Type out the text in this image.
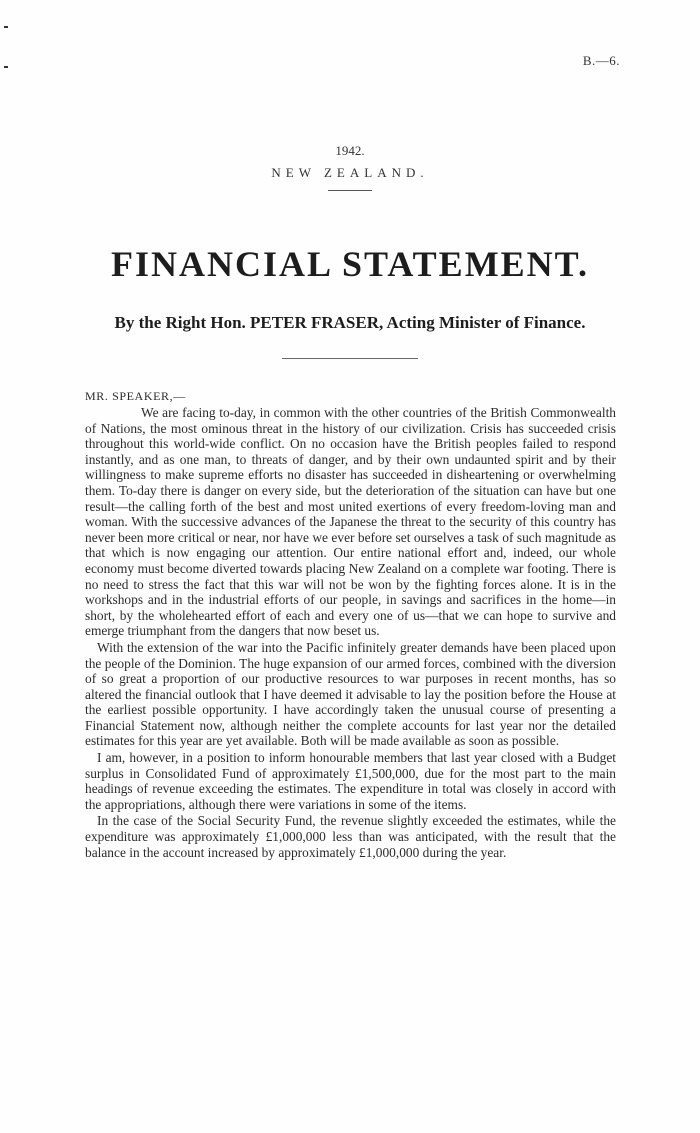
B.—6.
1942.
NEW ZEALAND.
FINANCIAL STATEMENT.
By the Right Hon. PETER FRASER, Acting Minister of Finance.
MR. SPEAKER,—

We are facing to-day, in common with the other countries of the British Commonwealth of Nations, the most ominous threat in the history of our civilization. Crisis has succeeded crisis throughout this world-wide conflict. On no occasion have the British peoples failed to respond instantly, and as one man, to threats of danger, and by their own undaunted spirit and by their willingness to make supreme efforts no disaster has succeeded in disheartening or overwhelming them. To-day there is danger on every side, but the deterioration of the situation can have but one result—the calling forth of the best and most united exertions of every freedom-loving man and woman. With the successive advances of the Japanese the threat to the security of this country has never been more critical or near, nor have we ever before set ourselves a task of such magnitude as that which is now engaging our attention. Our entire national effort and, indeed, our whole economy must become diverted towards placing New Zealand on a complete war footing. There is no need to stress the fact that this war will not be won by the fighting forces alone. It is in the workshops and in the industrial efforts of our people, in savings and sacrifices in the home—in short, by the wholehearted effort of each and every one of us—that we can hope to survive and emerge triumphant from the dangers that now beset us.

With the extension of the war into the Pacific infinitely greater demands have been placed upon the people of the Dominion. The huge expansion of our armed forces, combined with the diversion of so great a proportion of our productive resources to war purposes in recent months, has so altered the financial outlook that I have deemed it advisable to lay the position before the House at the earliest possible opportunity. I have accordingly taken the unusual course of presenting a Financial Statement now, although neither the complete accounts for last year nor the detailed estimates for this year are yet available. Both will be made available as soon as possible.

I am, however, in a position to inform honourable members that last year closed with a Budget surplus in Consolidated Fund of approximately £1,500,000, due for the most part to the main headings of revenue exceeding the estimates. The expenditure in total was closely in accord with the appropriations, although there were variations in some of the items.

In the case of the Social Security Fund, the revenue slightly exceeded the estimates, while the expenditure was approximately £1,000,000 less than was anticipated, with the result that the balance in the account increased by approximately £1,000,000 during the year.
